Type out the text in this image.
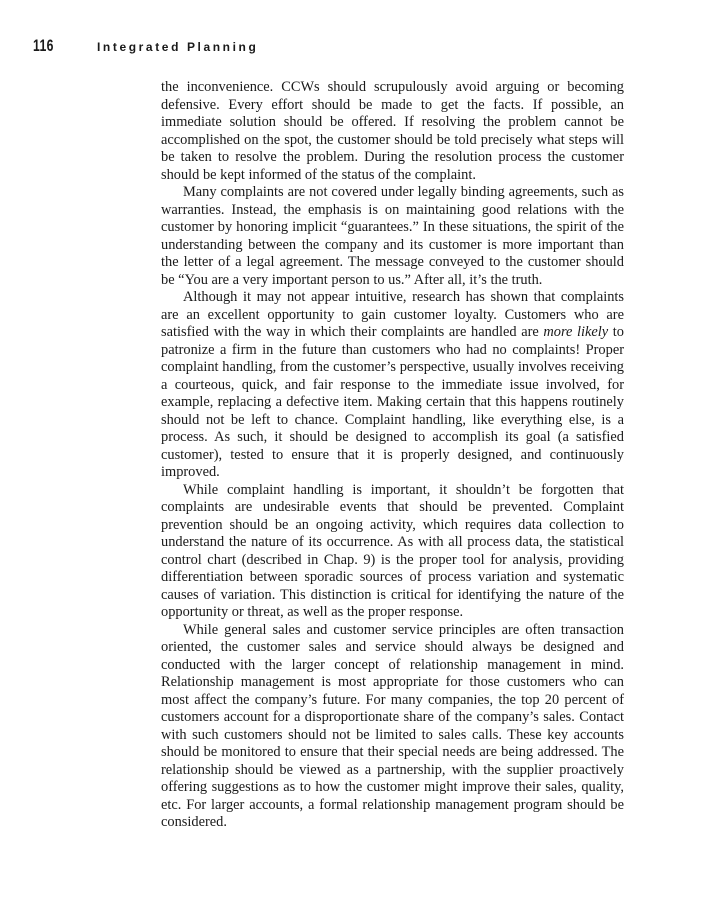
116	Integrated Planning

the inconvenience. CCWs should scrupulously avoid arguing or becoming defensive. Every effort should be made to get the facts. If possible, an immediate solution should be offered. If resolving the problem cannot be accomplished on the spot, the customer should be told precisely what steps will be taken to resolve the problem. During the resolution process the customer should be kept informed of the status of the complaint.

Many complaints are not covered under legally binding agreements, such as warranties. Instead, the emphasis is on maintaining good relations with the customer by honoring implicit “guarantees.” In these situations, the spirit of the understanding between the company and its customer is more important than the letter of a legal agreement. The message conveyed to the customer should be “You are a very important person to us.” After all, it’s the truth.

Although it may not appear intuitive, research has shown that complaints are an excellent opportunity to gain customer loyalty. Customers who are satisfied with the way in which their complaints are handled are more likely to patronize a firm in the future than customers who had no complaints! Proper complaint handling, from the customer’s perspective, usually involves receiving a courteous, quick, and fair response to the immediate issue involved, for example, replacing a defective item. Making certain that this happens routinely should not be left to chance. Complaint handling, like everything else, is a process. As such, it should be designed to accomplish its goal (a satisfied customer), tested to ensure that it is properly designed, and continuously improved.

While complaint handling is important, it shouldn’t be forgotten that complaints are undesirable events that should be prevented. Complaint prevention should be an ongoing activity, which requires data collection to understand the nature of its occurrence. As with all process data, the statistical control chart (described in Chap. 9) is the proper tool for analysis, providing differentiation between sporadic sources of process variation and systematic causes of variation. This distinction is critical for identifying the nature of the opportunity or threat, as well as the proper response.

While general sales and customer service principles are often transaction oriented, the customer sales and service should always be designed and conducted with the larger concept of relationship management in mind. Relationship management is most appropriate for those customers who can most affect the company’s future. For many companies, the top 20 percent of customers account for a disproportionate share of the company’s sales. Contact with such customers should not be limited to sales calls. These key accounts should be monitored to ensure that their special needs are being addressed. The relationship should be viewed as a partnership, with the supplier proactively offering suggestions as to how the customer might improve their sales, quality, etc. For larger accounts, a formal relationship management program should be considered.
